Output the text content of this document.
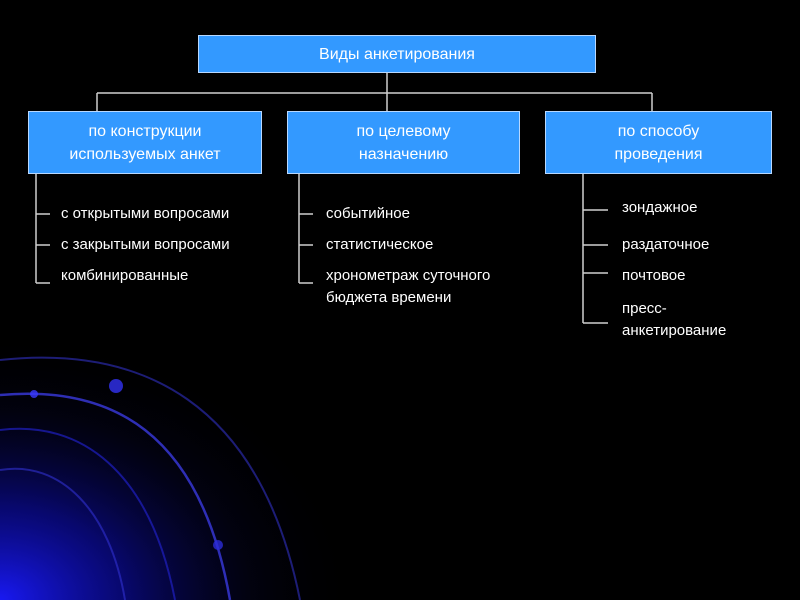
Виды анкетирования
по конструкции
используемых анкет
по целевому
назначению
по способу
проведения
с открытыми вопросами
с закрытыми вопросами
комбинированные
событийное
статистическое
хронометраж суточного
бюджета времени
зондажное
раздаточное
почтовое
пресс-
анкетирование
